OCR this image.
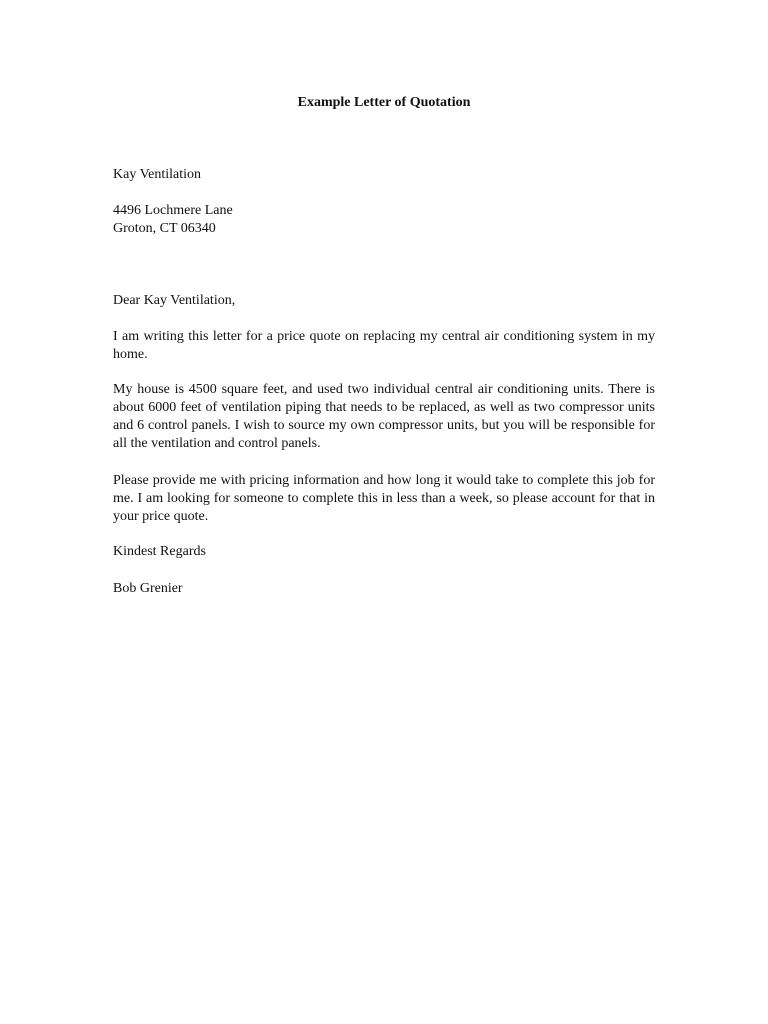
Example Letter of Quotation
Kay Ventilation
4496 Lochmere Lane
Groton, CT 06340
Dear Kay Ventilation,

I am writing this letter for a price quote on replacing my central air conditioning system in my home.

My house is 4500 square feet, and used two individual central air conditioning units. There is about 6000 feet of ventilation piping that needs to be replaced, as well as two compressor units and 6 control panels. I wish to source my own compressor units, but you will be responsible for all the ventilation and control panels.

Please provide me with pricing information and how long it would take to complete this job for me. I am looking for someone to complete this in less than a week, so please account for that in your price quote.

Kindest Regards
Bob Grenier
